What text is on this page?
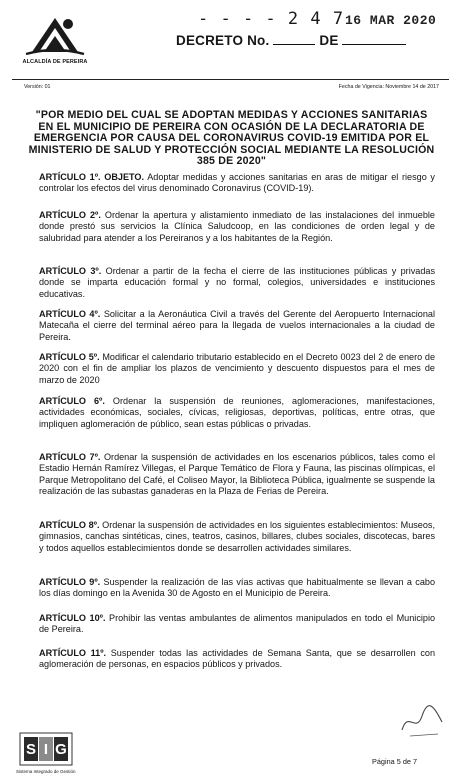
ALCALDÍA DE PEREIRA
- - - - 2 4 7 16 MAR 2020
DECRETO No.	DE
Versión: 01	Fecha de Vigencia: Noviembre 14 de 2017
"POR MEDIO DEL CUAL SE ADOPTAN MEDIDAS Y ACCIONES SANITARIAS EN EL MUNICIPIO DE PEREIRA CON OCASIÓN DE LA DECLARATORIA DE EMERGENCIA POR CAUSA DEL CORONAVIRUS COVID-19 EMITIDA POR EL MINISTERIO DE SALUD Y PROTECCIÓN SOCIAL MEDIANTE LA RESOLUCIÓN 385 DE 2020"
ARTÍCULO 1º. OBJETO. Adoptar medidas y acciones sanitarias en aras de mitigar el riesgo y controlar los efectos del virus denominado Coronavirus (COVID-19).
ARTÍCULO 2º. Ordenar la apertura y alistamiento inmediato de las instalaciones del inmueble donde prestó sus servicios la Clínica Saludcoop, en las condiciones de orden legal y de salubridad para atender a los Pereiranos y a los habitantes de la Región.
ARTÍCULO 3º. Ordenar a partir de la fecha el cierre de las instituciones públicas y privadas donde se imparta educación formal y no formal, colegios, universidades e instituciones educativas.
ARTÍCULO 4º. Solicitar a la Aeronáutica Civil a través del Gerente del Aeropuerto Internacional Matecaña el cierre del terminal aéreo para la llegada de vuelos internacionales a la ciudad de Pereira.
ARTÍCULO 5º. Modificar el calendario tributario establecido en el Decreto 0023 del 2 de enero de 2020 con el fin de ampliar los plazos de vencimiento y descuento dispuestos para el mes de marzo de 2020
ARTÍCULO 6º. Ordenar la suspensión de reuniones, aglomeraciones, manifestaciones, actividades económicas, sociales, cívicas, religiosas, deportivas, políticas, entre otras, que impliquen aglomeración de público, sean estas públicas o privadas.
ARTÍCULO 7º. Ordenar la suspensión de actividades en los escenarios públicos, tales como el Estadio Hernán Ramírez Villegas, el Parque Temático de Flora y Fauna, las piscinas olímpicas, el Parque Metropolitano del Café, el Coliseo Mayor, la Biblioteca Pública, igualmente se suspende la realización de las subastas ganaderas en la Plaza de Ferias de Pereira.
ARTÍCULO 8º. Ordenar la suspensión de actividades en los siguientes establecimientos: Museos, gimnasios, canchas sintéticas, cines, teatros, casinos, billares, clubes sociales, discotecas, bares y todos aquellos establecimientos donde se desarrollen actividades similares.
ARTÍCULO 9º. Suspender la realización de las vías activas que habitualmente se llevan a cabo los días domingo en la Avenida 30 de Agosto en el Municipio de Pereira.
ARTÍCULO 10º. Prohibir las ventas ambulantes de alimentos manipulados en todo el Municipio de Pereira.
ARTÍCULO 11º. Suspender todas las actividades de Semana Santa, que se desarrollen con aglomeración de personas, en espacios públicos y privados.
S I G
Sistema Integrado de Gestión
Página 5 de 7
